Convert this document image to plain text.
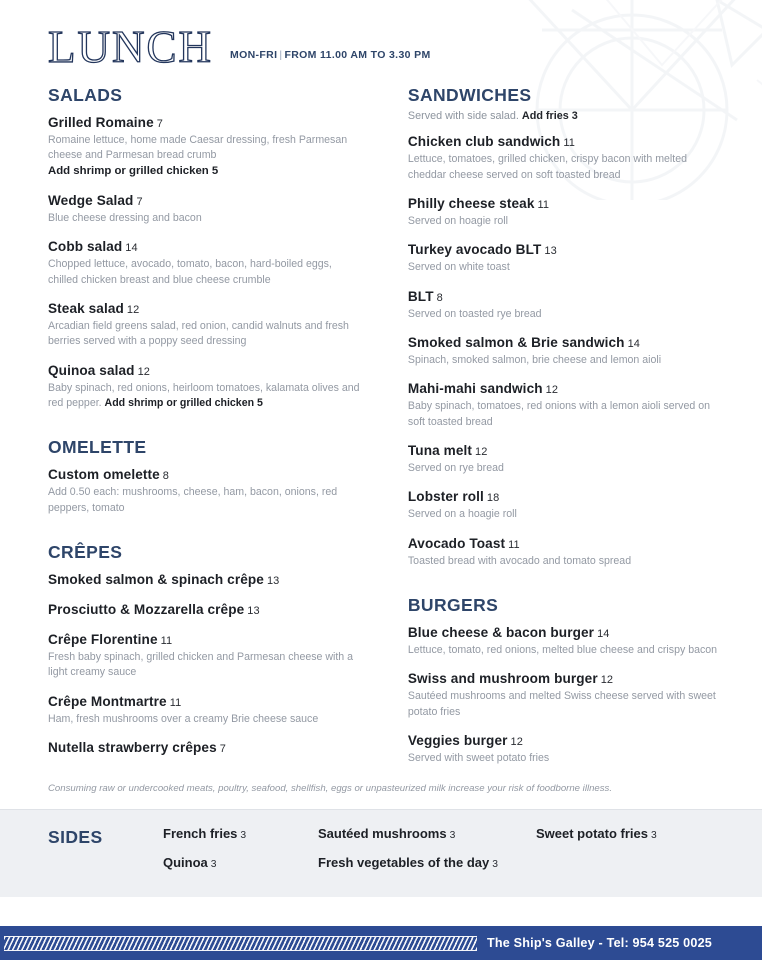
LUNCH MON-FRI | FROM 11.00 AM TO 3.30 PM
SALADS
Grilled Romaine 7
Romaine lettuce, home made Caesar dressing, fresh Parmesan cheese and Parmesan bread crumb
Add shrimp or grilled chicken 5
Wedge Salad 7
Blue cheese dressing and bacon
Cobb salad 14
Chopped lettuce, avocado, tomato, bacon, hard-boiled eggs, chilled chicken breast and blue cheese crumble
Steak salad 12
Arcadian field greens salad, red onion, candid walnuts and fresh berries served with a poppy seed dressing
Quinoa salad 12
Baby spinach, red onions, heirloom tomatoes, kalamata olives and red pepper. Add shrimp or grilled chicken 5
OMELETTE
Custom omelette 8
Add 0.50 each: mushrooms, cheese, ham, bacon, onions, red peppers, tomato
CRÊPES
Smoked salmon & spinach crêpe 13
Prosciutto & Mozzarella crêpe 13
Crêpe Florentine 11
Fresh baby spinach, grilled chicken and Parmesan cheese with a light creamy sauce
Crêpe Montmartre 11
Ham, fresh mushrooms over a creamy Brie cheese sauce
Nutella strawberry crêpes 7
SANDWICHES
Served with side salad. Add fries 3
Chicken club sandwich 11
Lettuce, tomatoes, grilled chicken, crispy bacon with melted cheddar cheese served on soft toasted bread
Philly cheese steak 11
Served on hoagie roll
Turkey avocado BLT 13
Served on white toast
BLT 8
Served on toasted rye bread
Smoked salmon & Brie sandwich 14
Spinach, smoked salmon, brie cheese and lemon aioli
Mahi-mahi sandwich 12
Baby spinach, tomatoes, red onions with a lemon aioli served on soft toasted bread
Tuna melt 12
Served on rye bread
Lobster roll 18
Served on a hoagie roll
Avocado Toast 11
Toasted bread with avocado and tomato spread
BURGERS
Blue cheese & bacon burger 14
Lettuce, tomato, red onions, melted blue cheese and crispy bacon
Swiss and mushroom burger 12
Sautéed mushrooms and melted Swiss cheese served with sweet potato fries
Veggies burger 12
Served with sweet potato fries
Consuming raw or undercooked meats, poultry, seafood, shellfish, eggs or unpasteurized milk increase your risk of foodborne illness.
SIDES	French fries 3	Sautéed mushrooms 3	Sweet potato fries 3
Quinoa 3	Fresh vegetables of the day 3
The Ship's Galley - Tel: 954 525 0025
